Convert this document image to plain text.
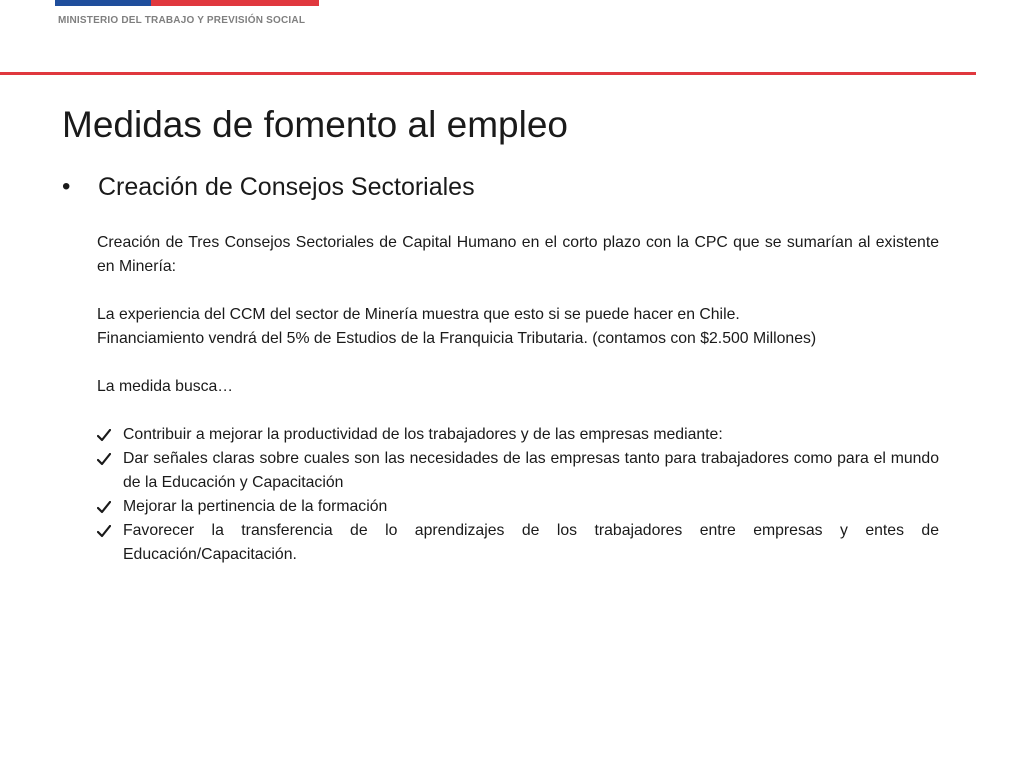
MINISTERIO DEL TRABAJO Y PREVISIÓN SOCIAL
Medidas de fomento al empleo
•	Creación de Consejos Sectoriales

Creación de Tres Consejos Sectoriales de Capital Humano en el corto plazo con la CPC que se sumarían al existente en Minería:

La experiencia del CCM del sector de Minería muestra que esto si se puede hacer en Chile.

Financiamiento vendrá del 5% de Estudios de la Franquicia Tributaria. (contamos con $2.500 Millones)

La medida busca…

Contribuir a mejorar la productividad de los trabajadores y de las empresas mediante:
Dar señales claras sobre cuales son las necesidades de las empresas tanto para trabajadores como para el mundo de la Educación y Capacitación
Mejorar la pertinencia de la formación
Favorecer la transferencia de lo aprendizajes de los trabajadores entre empresas y entes de Educación/Capacitación.
